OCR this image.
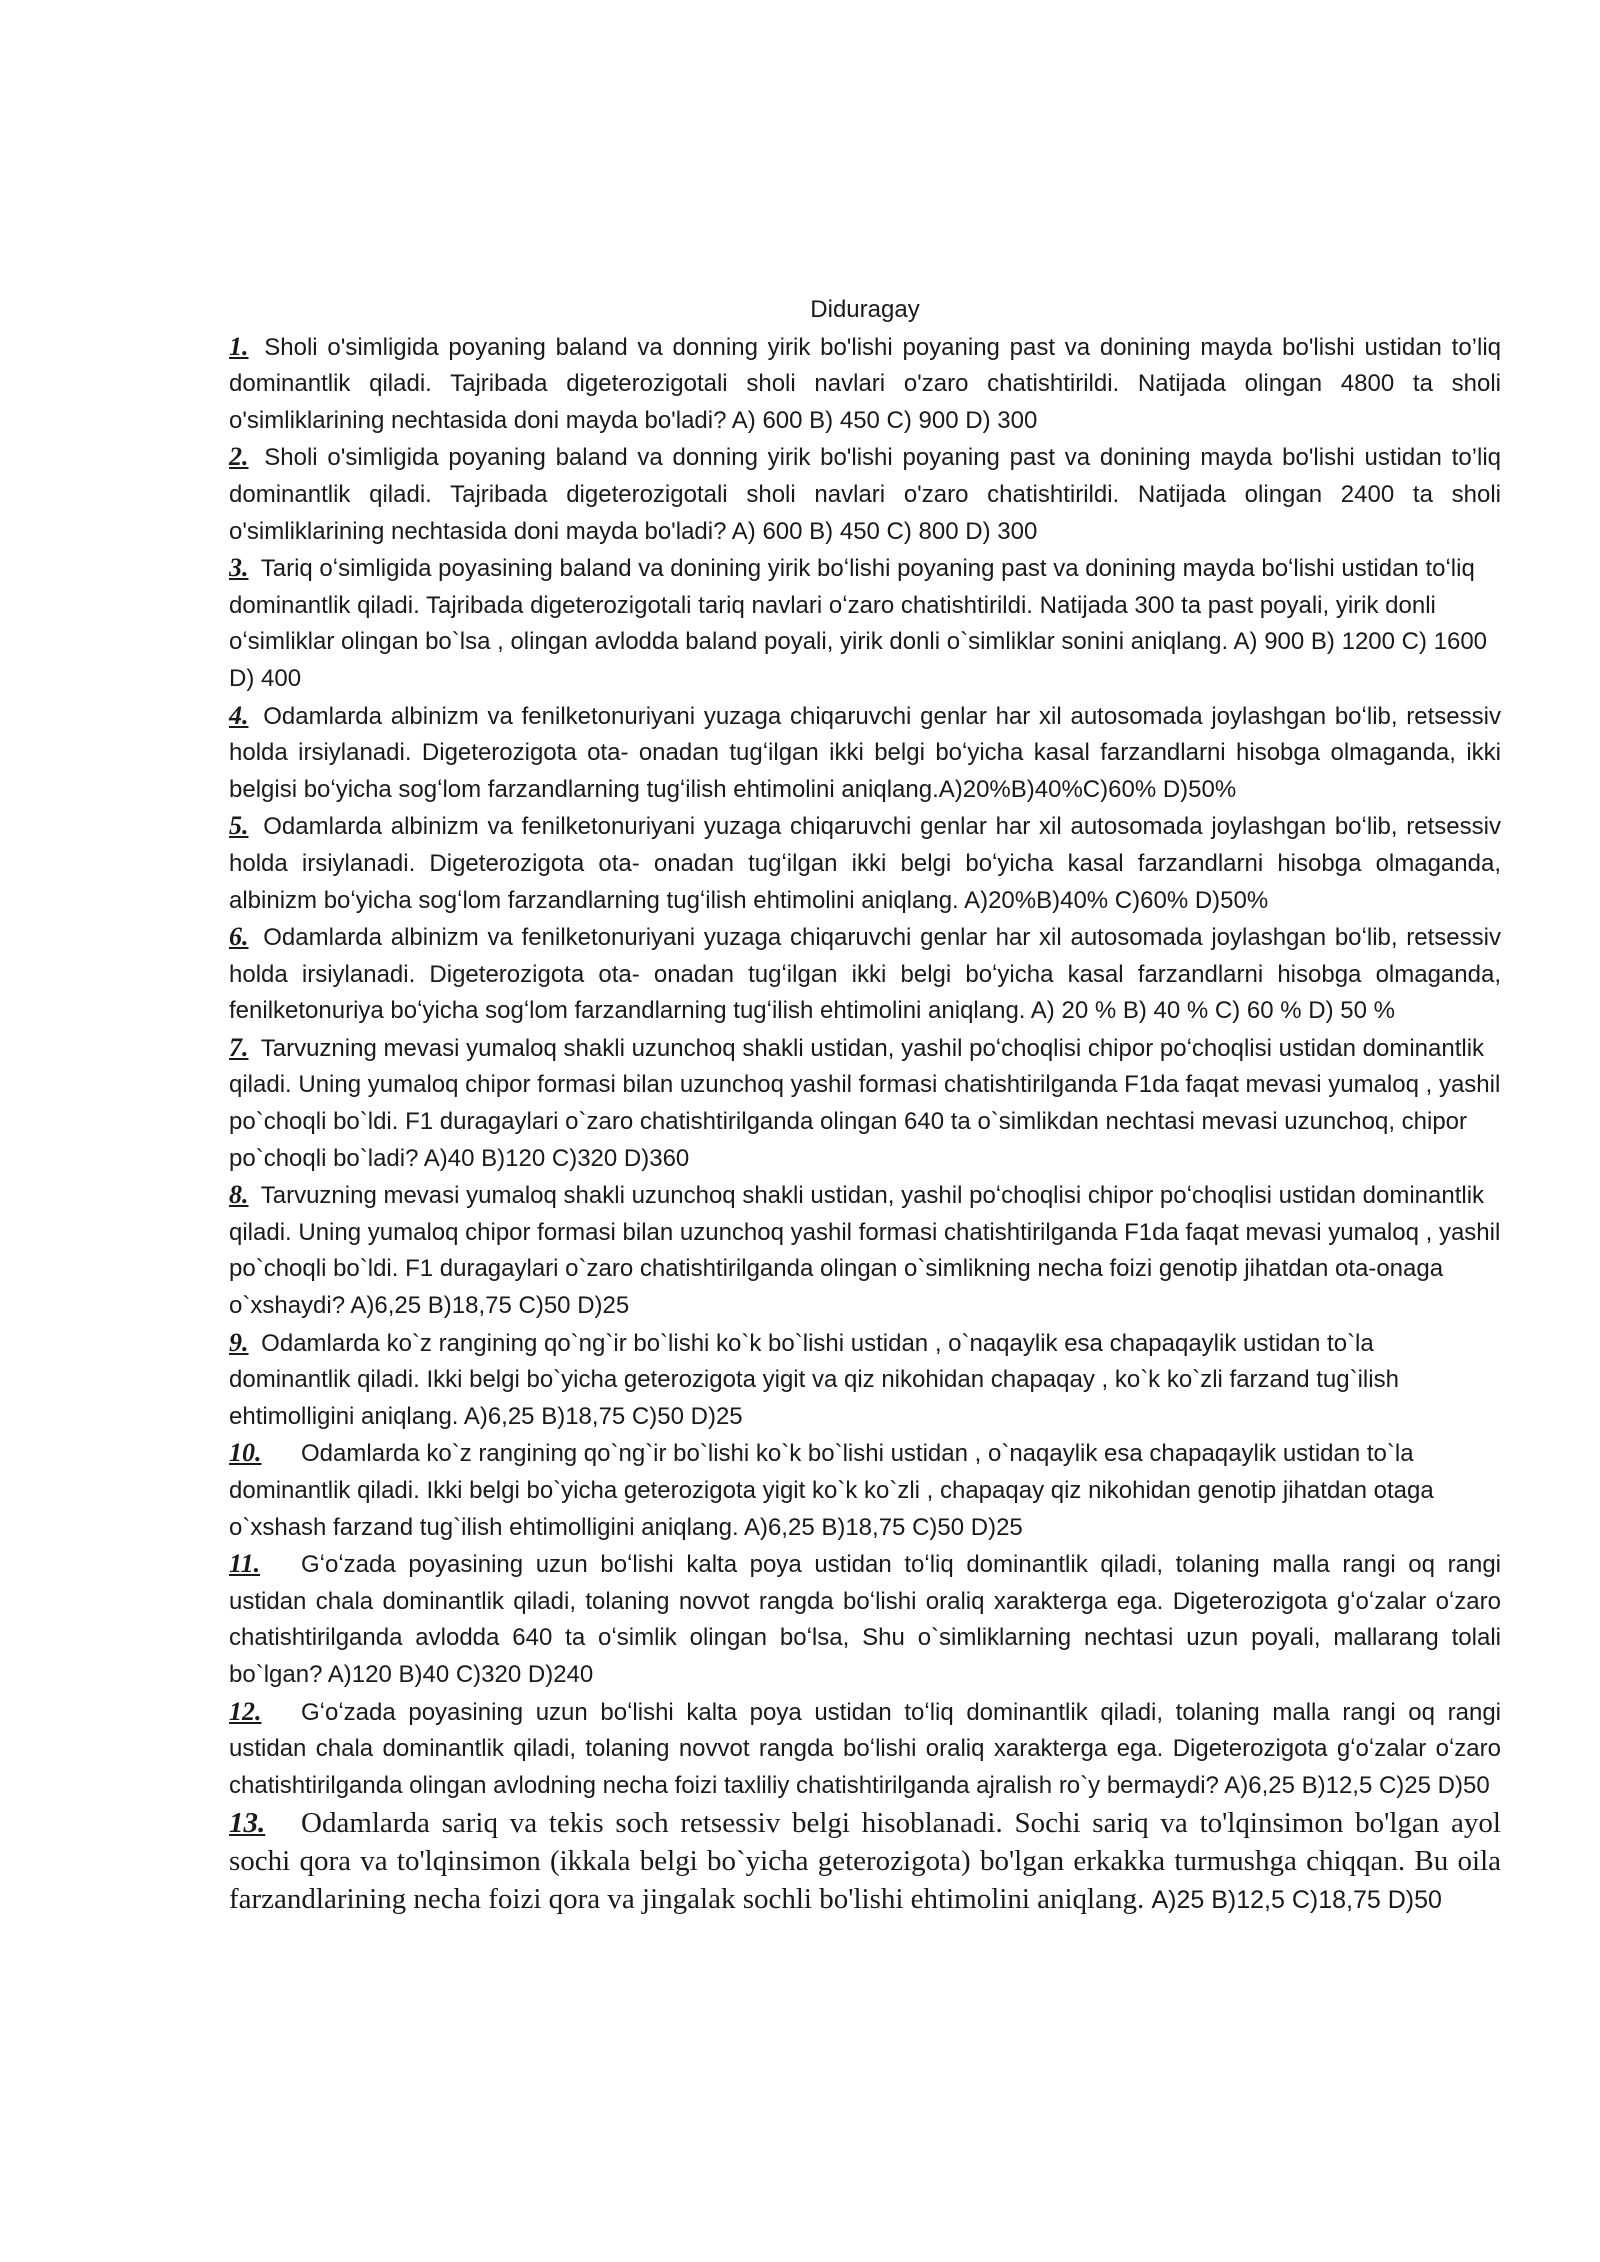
Diduragay

1. Sholi o'simligida poyaning baland va donning yirik bo'lishi poyaning past va donining mayda bo'lishi ustidan to’liq dominantlik qiladi. Tajribada digeterozigotali sholi navlari o'zaro chatishtirildi. Natijada olingan 4800 ta sholi o'simliklarining nechtasida doni mayda bo'ladi? A) 600 B) 450 C) 900 D) 300

2. Sholi o'simligida poyaning baland va donning yirik bo'lishi poyaning past va donining mayda bo'lishi ustidan to’liq dominantlik qiladi. Tajribada digeterozigotali sholi navlari o'zaro chatishtirildi. Natijada olingan 2400 ta sholi o'simliklarining nechtasida doni mayda bo'ladi? A) 600 B) 450 C) 800 D) 300

3. Tariq oʻsimligida poyasining baland va donining yirik boʻlishi poyaning past va donining mayda boʻlishi ustidan toʻliq dominantlik qiladi. Tajribada digeterozigotali tariq navlari oʻzaro chatishtirildi. Natijada 300 ta past poyali, yirik donli oʻsimliklar olingan bo`lsa , olingan avlodda baland poyali, yirik donli o`simliklar sonini aniqlang. A) 900 B) 1200 C) 1600 D) 400

4. Odamlarda albinizm va fenilketonuriyani yuzaga chiqaruvchi genlar har xil autosomada joylashgan boʻlib, retsessiv holda irsiylanadi. Digeterozigota ota- onadan tugʻilgan ikki belgi boʻyicha kasal farzandlarni hisobga olmaganda, ikki belgisi boʻyicha sogʻlom farzandlarning tugʻilish ehtimolini aniqlang.A)20%B)40%C)60% D)50%

5. Odamlarda albinizm va fenilketonuriyani yuzaga chiqaruvchi genlar har xil autosomada joylashgan boʻlib, retsessiv holda irsiylanadi. Digeterozigota ota- onadan tugʻilgan ikki belgi boʻyicha kasal farzandlarni hisobga olmaganda, albinizm boʻyicha sogʻlom farzandlarning tugʻilish ehtimolini aniqlang. A)20%B)40% C)60% D)50%

6. Odamlarda albinizm va fenilketonuriyani yuzaga chiqaruvchi genlar har xil autosomada joylashgan boʻlib, retsessiv holda irsiylanadi. Digeterozigota ota- onadan tugʻilgan ikki belgi boʻyicha kasal farzandlarni hisobga olmaganda, fenilketonuriya boʻyicha sogʻlom farzandlarning tugʻilish ehtimolini aniqlang. A) 20 % B) 40 % C) 60 % D) 50 %

7. Tarvuzning mevasi yumaloq shakli uzunchoq shakli ustidan, yashil poʻchoqlisi chipor poʻchoqlisi ustidan dominantlik qiladi. Uning yumaloq chipor formasi bilan uzunchoq yashil formasi chatishtirilganda F1da faqat mevasi yumaloq , yashil po`choqli bo`ldi. F1 duragaylari o`zaro chatishtirilganda olingan 640 ta o`simlikdan nechtasi mevasi uzunchoq, chipor po`choqli bo`ladi? A)40 B)120 C)320 D)360

8. Tarvuzning mevasi yumaloq shakli uzunchoq shakli ustidan, yashil poʻchoqlisi chipor poʻchoqlisi ustidan dominantlik qiladi. Uning yumaloq chipor formasi bilan uzunchoq yashil formasi chatishtirilganda F1da faqat mevasi yumaloq , yashil po`choqli bo`ldi. F1 duragaylari o`zaro chatishtirilganda olingan o`simlikning necha foizi genotip jihatdan ota-onaga o`xshaydi? A)6,25 B)18,75 C)50 D)25

9. Odamlarda ko`z rangining qo`ng`ir bo`lishi ko`k bo`lishi ustidan , o`naqaylik esa chapaqaylik ustidan to`la dominantlik qiladi. Ikki belgi bo`yicha geterozigota yigit va qiz nikohidan chapaqay , ko`k ko`zli farzand tug`ilish ehtimolligini aniqlang. A)6,25 B)18,75 C)50 D)25

10. Odamlarda ko`z rangining qo`ng`ir bo`lishi ko`k bo`lishi ustidan , o`naqaylik esa chapaqaylik ustidan to`la dominantlik qiladi. Ikki belgi bo`yicha geterozigota yigit ko`k ko`zli , chapaqay qiz nikohidan genotip jihatdan otaga o`xshash farzand tug`ilish ehtimolligini aniqlang. A)6,25 B)18,75 C)50 D)25

11. Gʻoʻzada poyasining uzun boʻlishi kalta poya ustidan toʻliq dominantlik qiladi, tolaning malla rangi oq rangi ustidan chala dominantlik qiladi, tolaning novvot rangda boʻlishi oraliq xarakterga ega. Digeterozigota gʻoʻzalar oʻzaro chatishtirilganda avlodda 640 ta oʻsimlik olingan boʻlsa, Shu o`simliklarning nechtasi uzun poyali, mallarang tolali bo`lgan? A)120 B)40 C)320 D)240

12. Gʻoʻzada poyasining uzun boʻlishi kalta poya ustidan toʻliq dominantlik qiladi, tolaning malla rangi oq rangi ustidan chala dominantlik qiladi, tolaning novvot rangda boʻlishi oraliq xarakterga ega. Digeterozigota gʻoʻzalar oʻzaro chatishtirilganda olingan avlodning necha foizi taxliliy chatishtirilganda ajralish ro`y bermaydi? A)6,25 B)12,5 C)25 D)50

13. Odamlarda sariq va tekis soch retsessiv belgi hisoblanadi. Sochi sariq va to'lqinsimon bo'lgan ayol sochi qora va to'lqinsimon (ikkala belgi bo`yicha geterozigota) bo'lgan erkakka turmushga chiqqan. Bu oila farzandlarining necha foizi qora va jingalak sochli bo'lishi ehtimolini aniqlang. A)25 B)12,5 C)18,75 D)50
